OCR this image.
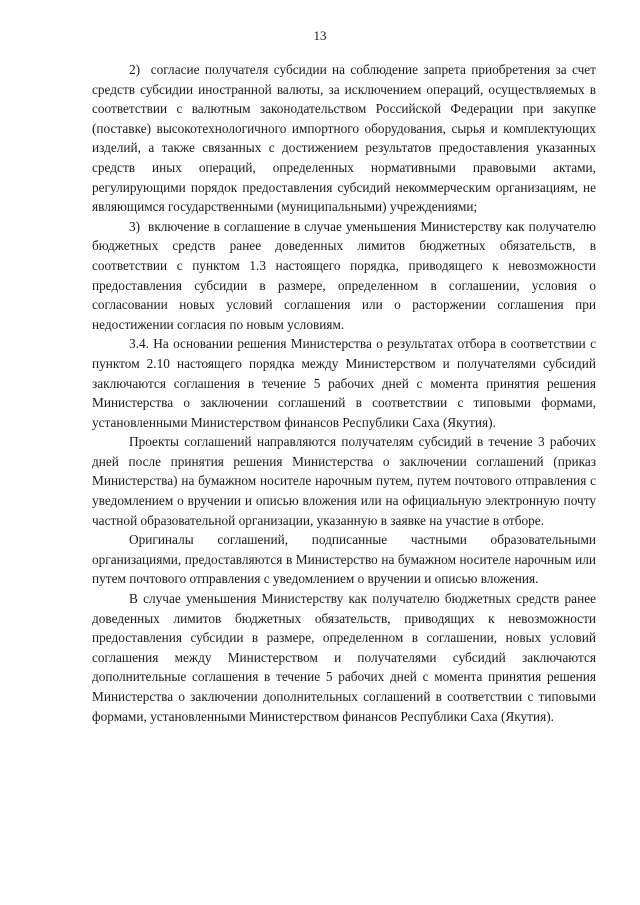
13

2)  согласие получателя субсидии на соблюдение запрета приобретения за счет средств субсидии иностранной валюты, за исключением операций, осуществляемых в соответствии с валютным законодательством Российской Федерации при закупке (поставке) высокотехнологичного импортного оборудования, сырья и комплектующих изделий, а также связанных с достижением результатов предоставления указанных средств иных операций, определенных нормативными правовыми актами, регулирующими порядок предоставления субсидий некоммерческим организациям, не являющимся государственными (муниципальными) учреждениями;

3)  включение в соглашение в случае уменьшения Министерству как получателю бюджетных средств ранее доведенных лимитов бюджетных обязательств, в соответствии с пунктом 1.3 настоящего порядка, приводящего к невозможности предоставления субсидии в размере, определенном в соглашении, условия о согласовании новых условий соглашения или о расторжении соглашения при недостижении согласия по новым условиям.

3.4. На основании решения Министерства о результатах отбора в соответствии с пунктом 2.10 настоящего порядка между Министерством и получателями субсидий заключаются соглашения в течение 5 рабочих дней с момента принятия решения Министерства о заключении соглашений в соответствии с типовыми формами, установленными Министерством финансов Республики Саха (Якутия).

Проекты соглашений направляются получателям субсидий в течение 3 рабочих дней после принятия решения Министерства о заключении соглашений (приказ Министерства) на бумажном носителе нарочным путем, путем почтового отправления с уведомлением о вручении и описью вложения или на официальную электронную почту частной образовательной организации, указанную в заявке на участие в отборе.

Оригиналы соглашений, подписанные частными образовательными организациями, предоставляются в Министерство на бумажном носителе нарочным или путем почтового отправления с уведомлением о вручении и описью вложения.

В случае уменьшения Министерству как получателю бюджетных средств ранее доведенных лимитов бюджетных обязательств, приводящих к невозможности предоставления субсидии в размере, определенном в соглашении, новых условий соглашения между Министерством и получателями субсидий заключаются дополнительные соглашения в течение 5 рабочих дней с момента принятия решения Министерства о заключении дополнительных соглашений в соответствии с типовыми формами, установленными Министерством финансов Республики Саха (Якутия).
